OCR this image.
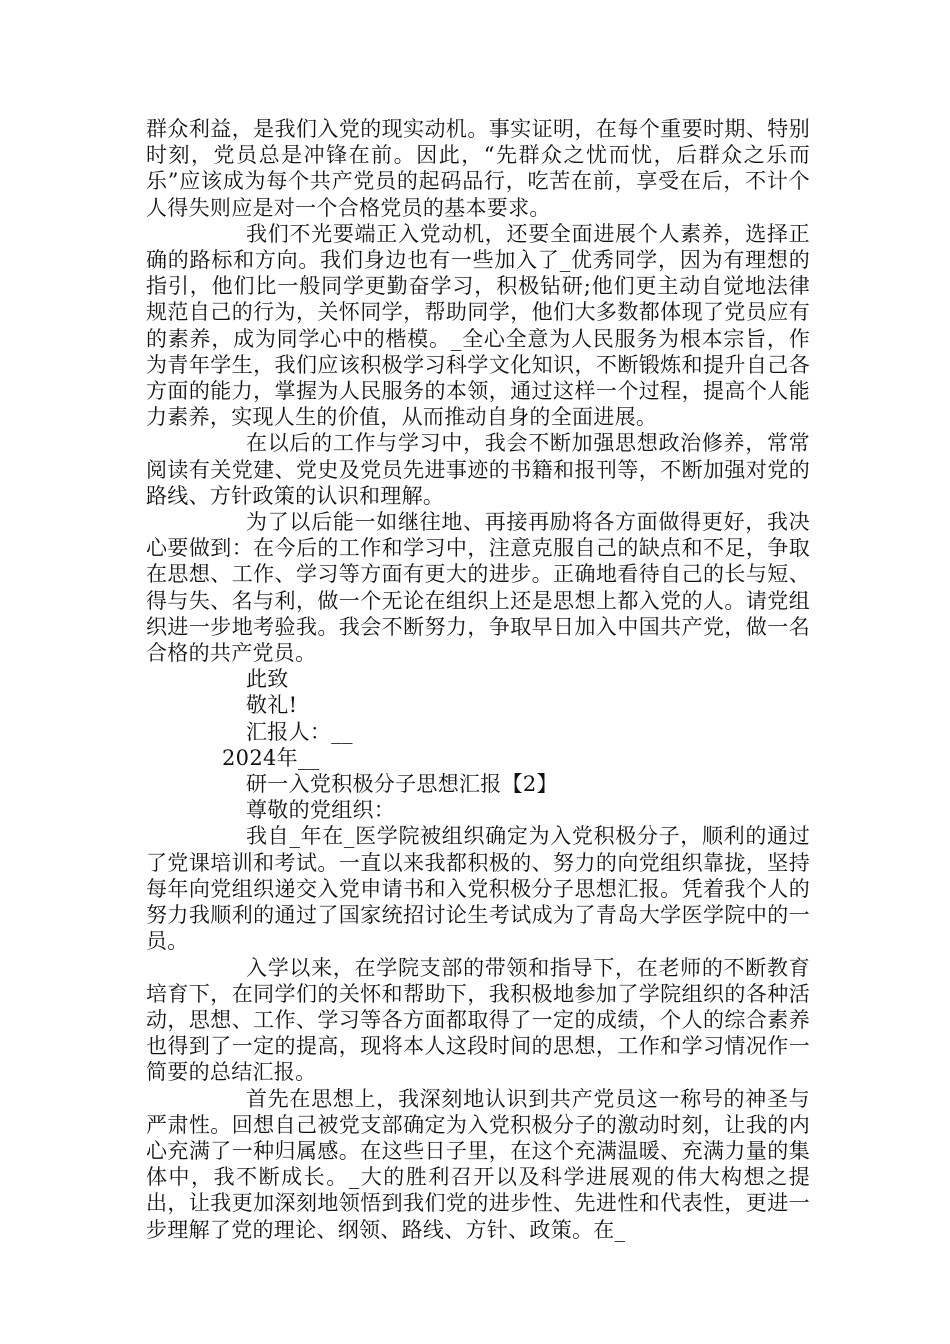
群众利益，是我们入党的现实动机。事实证明，在每个重要时期、特别时刻，党员总是冲锋在前。因此，“先群众之忧而忧，后群众之乐而乐”应该成为每个共产党员的起码品行，吃苦在前，享受在后，不计个人得失则应是对一个合格党员的基本要求。

我们不光要端正入党动机，还要全面进展个人素养，选择正确的路标和方向。我们身边也有一些加入了_优秀同学，因为有理想的指引，他们比一般同学更勤奋学习，积极钻研;他们更主动自觉地法律规范自己的行为，关怀同学，帮助同学，他们大多数都体现了党员应有的素养，成为同学心中的楷模。_全心全意为人民服务为根本宗旨，作为青年学生，我们应该积极学习科学文化知识，不断锻炼和提升自己各方面的能力，掌握为人民服务的本领，通过这样一个过程，提高个人能力素养，实现人生的价值，从而推动自身的全面进展。

在以后的工作与学习中，我会不断加强思想政治修养，常常阅读有关党建、党史及党员先进事迹的书籍和报刊等，不断加强对党的路线、方针政策的认识和理解。

为了以后能一如继往地、再接再励将各方面做得更好，我决心要做到：在今后的工作和学习中，注意克服自己的缺点和不足，争取在思想、工作、学习等方面有更大的进步。正确地看待自己的长与短、得与失、名与利，做一个无论在组织上还是思想上都入党的人。请党组织进一步地考验我。我会不断努力，争取早日加入中国共产党，做一名合格的共产党员。

此致

敬礼!

汇报人：__

2024年__

研一入党积极分子思想汇报【2】

尊敬的党组织：

我自_年在_医学院被组织确定为入党积极分子，顺利的通过了党课培训和考试。一直以来我都积极的、努力的向党组织靠拢，坚持每年向党组织递交入党申请书和入党积极分子思想汇报。凭着我个人的努力我顺利的通过了国家统招讨论生考试成为了青岛大学医学院中的一员。

入学以来，在学院支部的带领和指导下，在老师的不断教育培育下，在同学们的关怀和帮助下，我积极地参加了学院组织的各种活动，思想、工作、学习等各方面都取得了一定的成绩，个人的综合素养也得到了一定的提高，现将本人这段时间的思想，工作和学习情况作一简要的总结汇报。

首先在思想上，我深刻地认识到共产党员这一称号的神圣与严肃性。回想自己被党支部确定为入党积极分子的激动时刻，让我的内心充满了一种归属感。在这些日子里，在这个充满温暖、充满力量的集体中，我不断成长。_大的胜利召开以及科学进展观的伟大构想之提出，让我更加深刻地领悟到我们党的进步性、先进性和代表性，更进一步理解了党的理论、纲领、路线、方针、政策。在_
